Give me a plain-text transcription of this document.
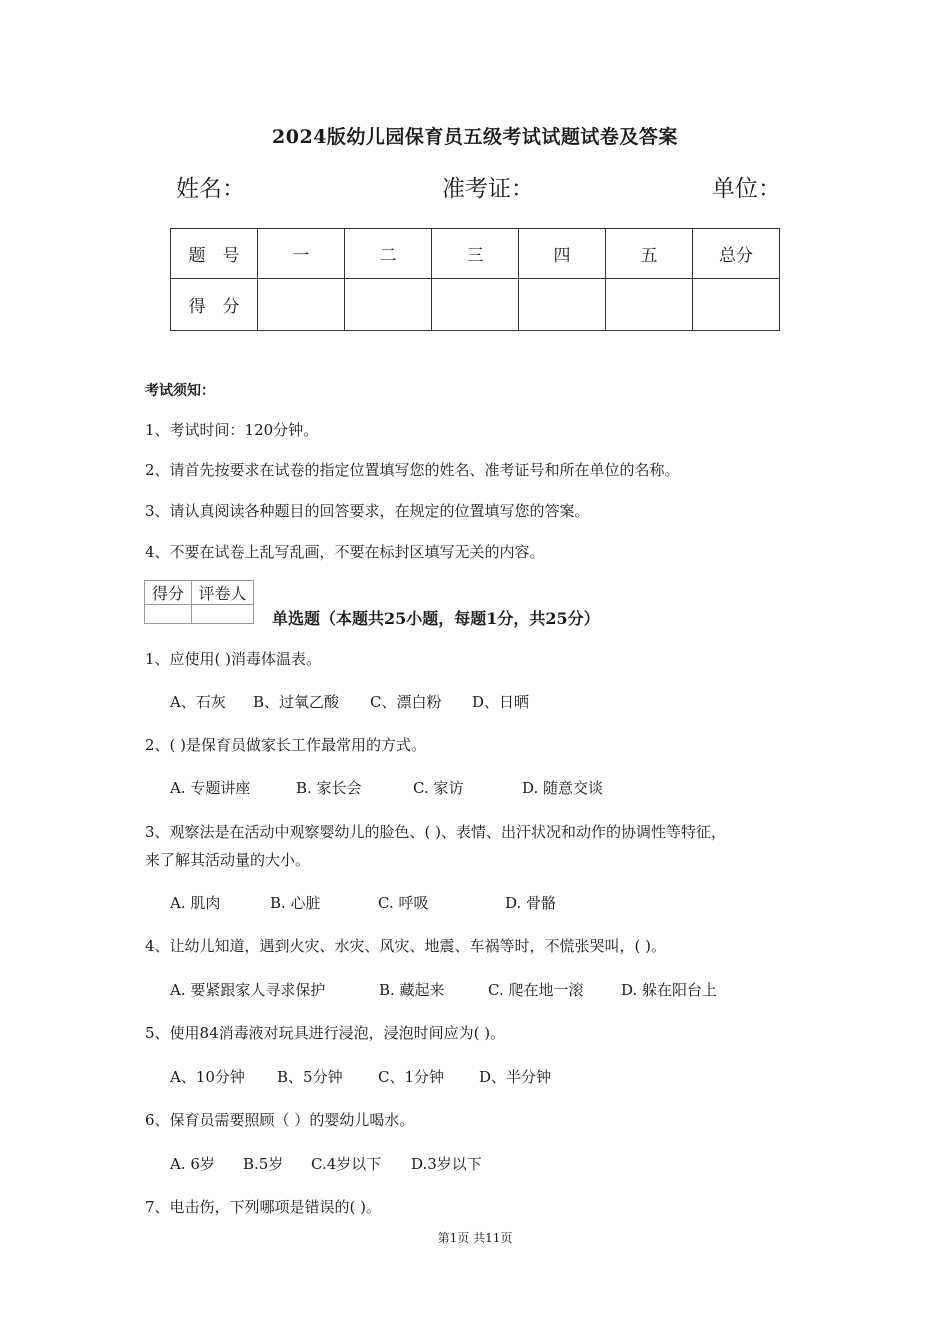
2024版幼儿园保育员五级考试试题试卷及答案
姓名：	准考证：	单位：
题　号	一	二	三	四	五	总分
得　分						
考试须知：
1、考试时间：120分钟。
2、请首先按要求在试卷的指定位置填写您的姓名、准考证号和所在单位的名称。
3、请认真阅读各种题目的回答要求，在规定的位置填写您的答案。
4、不要在试卷上乱写乱画，不要在标封区填写无关的内容。
得分	评卷人

单选题（本题共25小题，每题1分，共25分）
1、应使用( )消毒体温表。
A、石灰 B、过氧乙酸 C、漂白粉 D、日晒
2、( )是保育员做家长工作最常用的方式。
A. 专题讲座	B. 家长会	C. 家访	D. 随意交谈
3、观察法是在活动中观察婴幼儿的脸色、( )、表情、出汗状况和动作的协调性等特征，
来了解其活动量的大小。
A. 肌肉	B. 心脏	C. 呼吸	D. 骨骼
4、让幼儿知道，遇到火灾、水灾、风灾、地震、车祸等时，不慌张哭叫，( )。
A. 要紧跟家人寻求保护	B. 藏起来	C. 爬在地一滚	D. 躲在阳台上
5、使用84消毒液对玩具进行浸泡，浸泡时间应为( )。
A、10分钟 B、5分钟 C、1分钟 D、半分钟
6、保育员需要照顾（ ）的婴幼儿喝水。
A. 6岁 B.5岁 C.4岁以下 D.3岁以下
7、电击伤，下列哪项是错误的( )。
第1页 共11页
